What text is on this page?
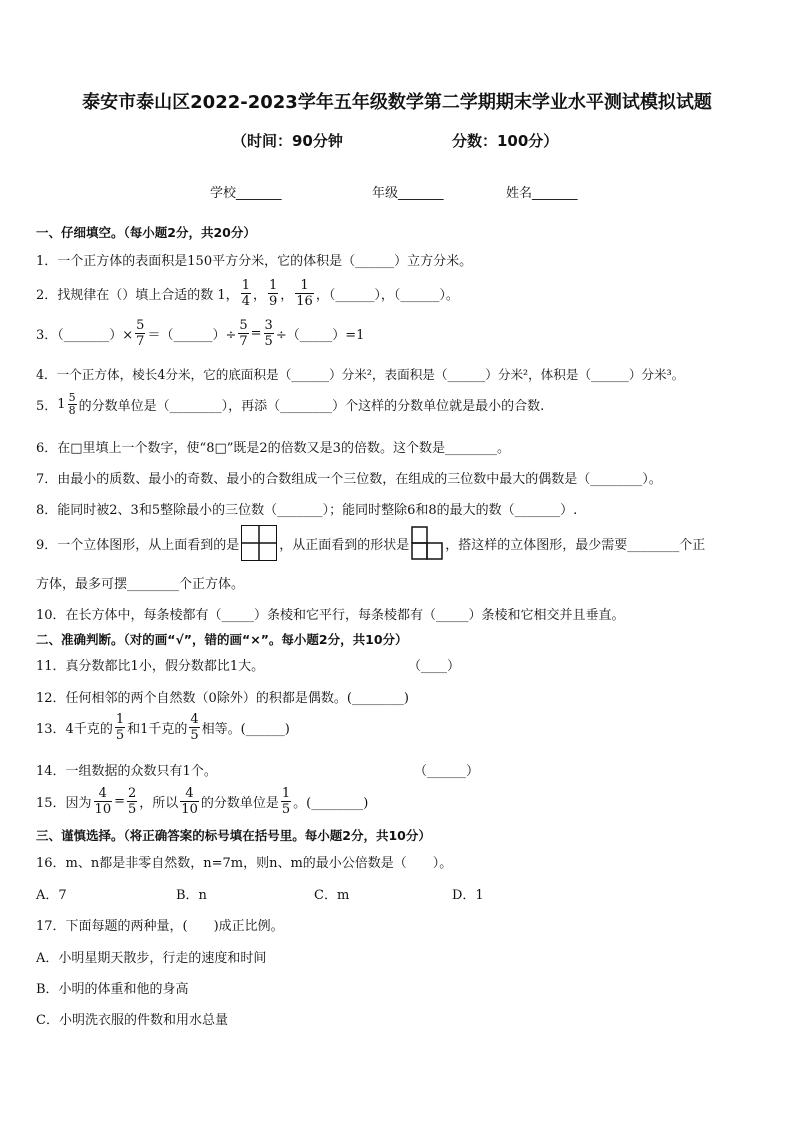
泰安市泰山区2022-2023学年五年级数学第二学期期末学业水平测试模拟试题
（时间：90分钟	分数：100分）
学校_______	年级_______	姓名_______
一、仔细填空。（每小题2分，共20分）
1．一个正方体的表面积是150平方分米，它的体积是（______）立方分米。
2．找规律在（）填上合适的数 1， $\frac{1}{4}$ ， $\frac{1}{9}$ ， $\frac{1}{16}$ ，（______），（______）。
3．（_______）× $\frac{5}{7}$ ＝（______）÷ $\frac{5}{7} = \frac{3}{5}$ ÷（_____）=1
4．一个正方体，棱长4分米，它的底面积是（______）分米²，表面积是（______）分米²，体积是（______）分米³。
5． $1 \frac{5}{8}$ 的分数单位是（________），再添（________）个这样的分数单位就是最小的合数.
6．在□里填上一个数字，使“8□”既是2的倍数又是3的倍数。这个数是________。
7．由最小的质数、最小的奇数、最小的合数组成一个三位数，在组成的三位数中最大的偶数是（________）。
8．能同时被2、3和5整除最小的三位数（_______）；能同时整除6和8的最大的数（_______）.
9．一个立体图形，从上面看到的是	，从正面看到的形状是	，搭这样的立体图形，最少需要________个正
方体，最多可摆________个正方体。
10．在长方体中，每条棱都有（_____）条棱和它平行，每条棱都有（_____）条棱和它相交并且垂直。
二、准确判断。（对的画“√”，错的画“×”。每小题2分，共10分）
11．真分数都比1小，假分数都比1大。	（____）
12．任何相邻的两个自然数（0除外）的积都是偶数。(________)
13．4千克的 $\frac{1}{5}$ 和1千克的 $\frac{4}{5}$ 相等。(______)
14．一组数据的众数只有1个。	（______）
15．因为 $\frac{4}{10} = \frac{2}{5}$ ，所以 $\frac{4}{10}$ 的分数单位是 $\frac{1}{5}$ 。(________)
三、谨慎选择。（将正确答案的标号填在括号里。每小题2分，共10分）
16．m、n都是非零自然数，n=7m，则n、m的最小公倍数是（　　）。
A．7	B．n	C．m	D．1
17．下面每题的两种量，(　　)成正比例。
A．小明星期天散步，行走的速度和时间
B．小明的体重和他的身高
C．小明洗衣服的件数和用水总量
